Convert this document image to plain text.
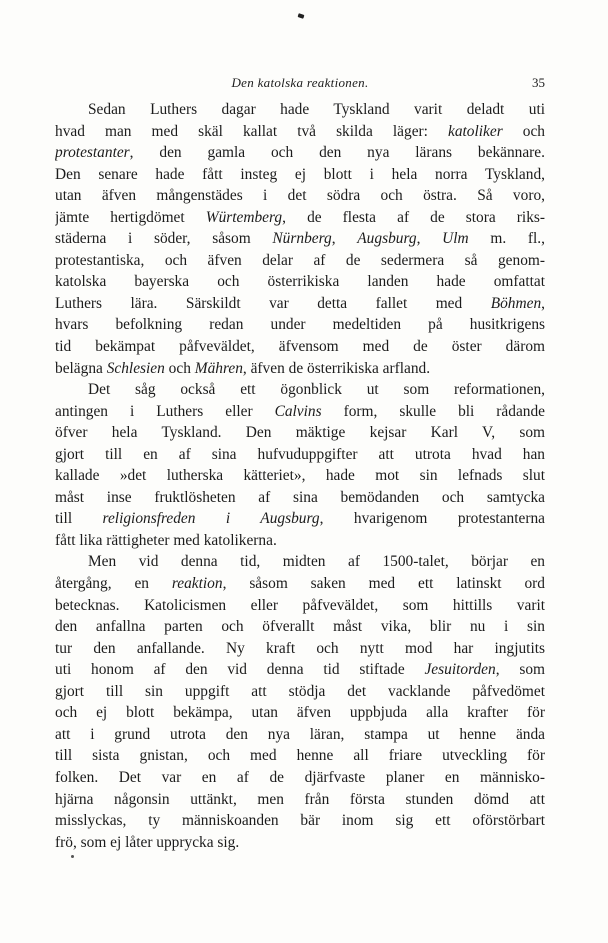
Den katolska reaktionen.	35
Sedan Luthers dagar hade Tyskland varit deladt uti
hvad man med skäl kallat två skilda läger: katoliker och
protestanter, den gamla och den nya lärans bekännare.
Den senare hade fått insteg ej blott i hela norra Tyskland,
utan äfven mångenstädes i det södra och östra. Så voro,
jämte hertigdömet Würtemberg, de flesta af de stora riks-
städerna i söder, såsom Nürnberg, Augsburg, Ulm m. fl.,
protestantiska, och äfven delar af de sedermera så genom-
katolska bayerska och österrikiska landen hade omfattat
Luthers lära. Särskildt var detta fallet med Böhmen,
hvars befolkning redan under medeltiden på husitkrigens
tid bekämpat påfveväldet, äfvensom med de öster därom
belägna Schlesien och Mähren, äfven de österrikiska arfland.
Det såg också ett ögonblick ut som reformationen,
antingen i Luthers eller Calvins form, skulle bli rådande
öfver hela Tyskland. Den mäktige kejsar Karl V, som
gjort till en af sina hufvuduppgifter att utrota hvad han
kallade »det lutherska kätteriet», hade mot sin lefnads slut
måst inse fruktlösheten af sina bemödanden och samtycka
till religionsfreden i Augsburg, hvarigenom protestanterna
fått lika rättigheter med katolikerna.
Men vid denna tid, midten af 1500-talet, börjar en
återgång, en reaktion, såsom saken med ett latinskt ord
betecknas. Katolicismen eller påfveväldet, som hittills varit
den anfallna parten och öfverallt måst vika, blir nu i sin
tur den anfallande. Ny kraft och nytt mod har ingjutits
uti honom af den vid denna tid stiftade Jesuitorden, som
gjort till sin uppgift att stödja det vacklande påfvedömet
och ej blott bekämpa, utan äfven uppbjuda alla krafter för
att i grund utrota den nya läran, stampa ut henne ända
till sista gnistan, och med henne all friare utveckling för
folken. Det var en af de djärfvaste planer en människo-
hjärna någonsin uttänkt, men från första stunden dömd att
misslyckas, ty människoanden bär inom sig ett oförstörbart
frö, som ej låter upprycka sig.
